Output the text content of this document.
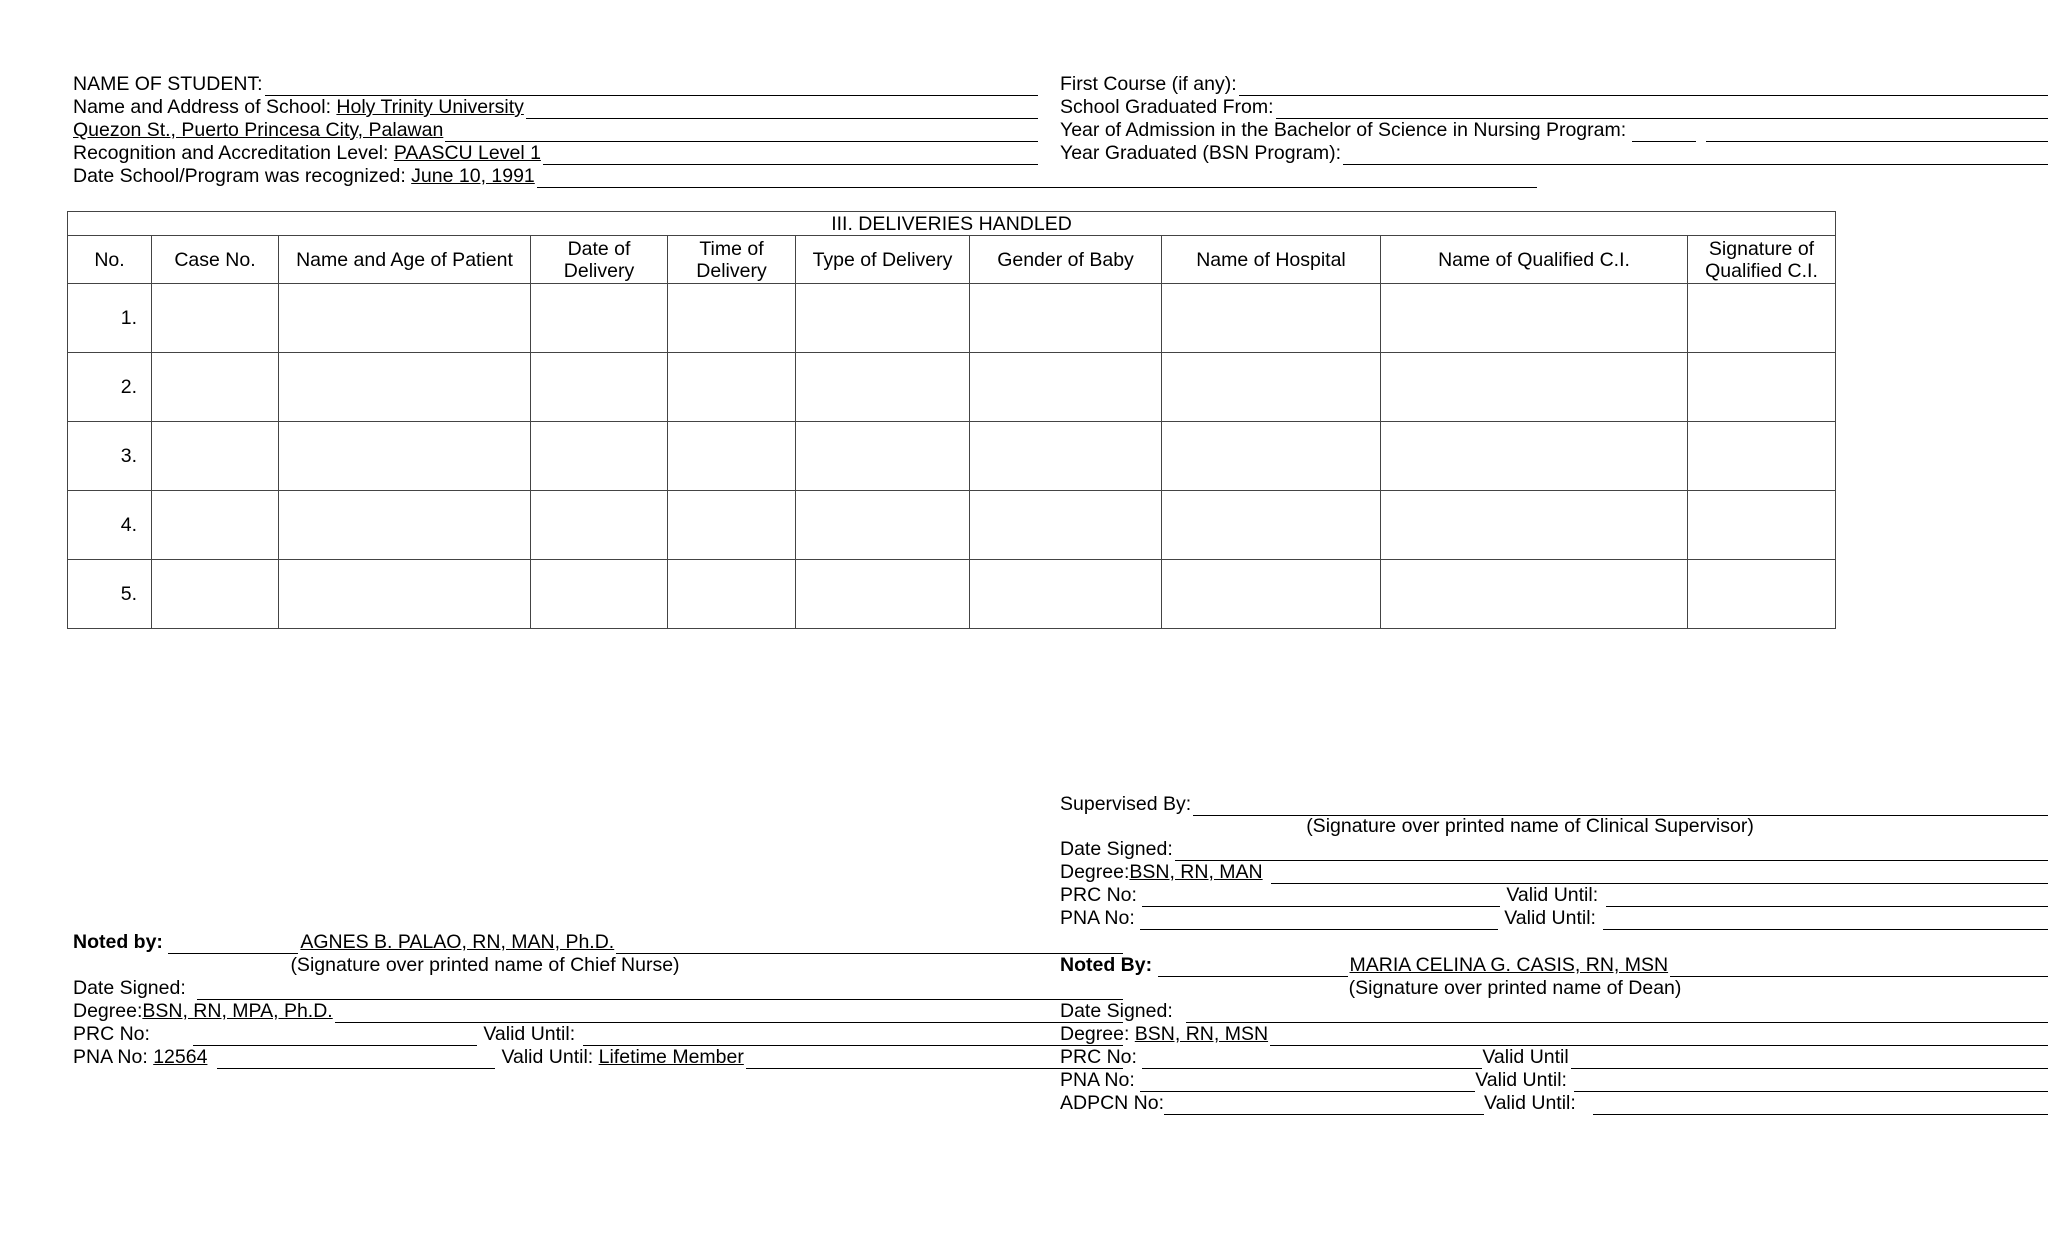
NAME OF STUDENT:
Name and Address of School: Holy Trinity University
Quezon St., Puerto Princesa City, Palawan
Recognition and Accreditation Level: PAASCU Level 1
Date School/Program was recognized: June 10, 1991
First Course (if any):
School Graduated From:
Year of Admission in the Bachelor of Science in Nursing Program:
Year Graduated (BSN Program):
III. DELIVERIES HANDLED									
No.	Case No.	Name and Age of Patient	Date of Delivery	Time of Delivery	Type of Delivery	Gender of Baby	Name of Hospital	Name of Qualified C.I.	Signature of Qualified C.I.
1.									
2.									
3.									
4.									
5.									
Supervised By:
(Signature over printed name of Clinical Supervisor)
Date Signed:
Degree: BSN, RN, MAN
PRC No:	Valid Until:
PNA No:	Valid Until:
Noted by:	AGNES B. PALAO, RN, MAN, Ph.D.
(Signature over printed name of Chief Nurse)
Date Signed:
Degree: BSN, RN, MPA, Ph.D.
PRC No:	Valid Until:
PNA No: 12564	Valid Until: Lifetime Member
Noted By:	MARIA CELINA G. CASIS, RN, MSN
(Signature over printed name of Dean)
Date Signed:
Degree: BSN, RN, MSN
PRC No:	Valid Until
PNA No:	Valid Until:
ADPCN No:	Valid Until:
